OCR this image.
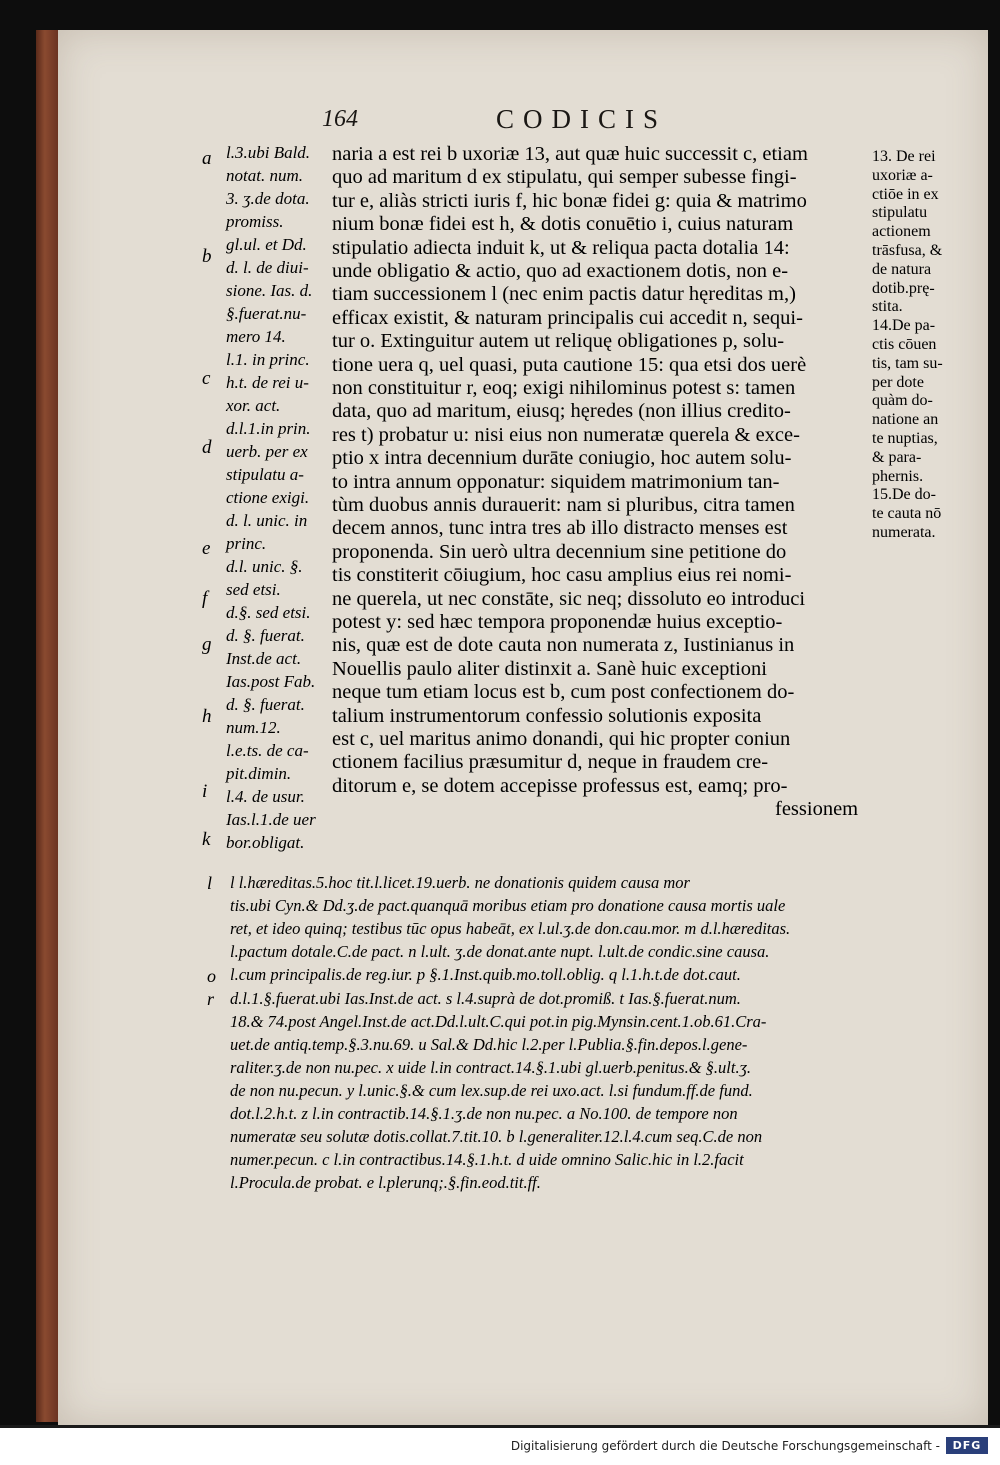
164	CODICIS
l.3.ubi Bald.
notat. num.
3. ʒ.de dota.
promiss.
gl.ul. et Dd.
d. l. de diui-
sione. Ias. d.
§.fuerat.nu-
mero 14.
l.1. in princ.
h.t. de rei u-
xor. act.
d.l.1.in prin.
uerb. per ex
stipulatu a-
ctione exigi.
d. l. unic. in
princ.
d.l. unic. §.
sed etsi.
d.§. sed etsi.
d. §. fuerat.
Inst.de act.
Ias.post Fab.
d. §. fuerat.
num.12.
l.e.ts. de ca-
pit.dimin.
l.4. de usur.
Ias.l.1.de uer
bor.obligat.
a
b
c
d
e
f
g
h
i
k
naria a est rei b uxoriæ 13, aut quæ huic successit c, etiam
quo ad maritum d ex stipulatu, qui semper subesse fingi-
tur e, aliàs stricti iuris f, hic bonæ fidei g: quia & matrimo
nium bonæ fidei est h, & dotis conuētio i, cuius naturam
stipulatio adiecta induit k, ut & reliqua pacta dotalia 14:
unde obligatio & actio, quo ad exactionem dotis, non e-
tiam successionem l (nec enim pactis datur hęreditas m,)
efficax existit, & naturam principalis cui accedit n, sequi-
tur o. Extinguitur autem ut reliquę obligationes p, solu-
tione uera q, uel quasi, puta cautione 15: qua etsi dos uerè
non constituitur r, eoq; exigi nihilominus potest s: tamen
data, quo ad maritum, eiusq; hęredes (non illius credito-
res t) probatur u: nisi eius non numeratæ querela & exce-
ptio x intra decennium durāte coniugio, hoc autem solu-
to intra annum opponatur: siquidem matrimonium tan-
tùm duobus annis durauerit: nam si pluribus, citra tamen
decem annos, tunc intra tres ab illo distracto menses est
proponenda. Sin uerò ultra decennium sine petitione do
tis constiterit cōiugium, hoc casu amplius eius rei nomi-
ne querela, ut nec constāte, sic neq; dissoluto eo introduci
potest y: sed hæc tempora proponendæ huius exceptio-
nis, quæ est de dote cauta non numerata z, Iustinianus in
Nouellis paulo aliter distinxit a. Sanè huic exceptioni
neque tum etiam locus est b, cum post confectionem do-
talium instrumentorum confessio solutionis exposita
est c, uel maritus animo donandi, qui hic propter coniun
ctionem facilius præsumitur d, neque in fraudem cre-
ditorum e, se dotem accepisse professus est, eamq; pro-
fessionem
13. De rei
uxoriæ a-
ctiōe in ex
stipulatu
actionem
trāsfusa, &
de natura
dotib.prę-
stita.
14.De pa-
ctis cōuen
tis, tam su-
per dote
quàm do-
natione an
te nuptias,
& para-
phernis.
15.De do-
te cauta nō
numerata.
l l.hæreditas.5.hoc tit.l.licet.19.uerb. ne donationis quidem causa mor
tis.ubi Cyn.& Dd.ʒ.de pact.quanquā moribus etiam pro donatione causa mortis uale
ret, et ideo quinq; testibus tūc opus habeāt, ex l.ul.ʒ.de don.cau.mor. m d.l.hæreditas.
l.pactum dotale.C.de pact. n l.ult. ʒ.de donat.ante nupt. l.ult.de condic.sine causa.
l.cum principalis.de reg.iur. p §.1.Inst.quib.mo.toll.oblig. q l.1.h.t.de dot.caut.
d.l.1.§.fuerat.ubi Ias.Inst.de act. s l.4.suprà de dot.promiß. t Ias.§.fuerat.num.
18.& 74.post Angel.Inst.de act.Dd.l.ult.C.qui pot.in pig.Mynsin.cent.1.ob.61.Cra-
uet.de antiq.temp.§.3.nu.69. u Sal.& Dd.hic l.2.per l.Publia.§.fin.depos.l.gene-
raliter.ʒ.de non nu.pec. x uide l.in contract.14.§.1.ubi gl.uerb.penitus.& §.ult.ʒ.
de non nu.pecun. y l.unic.§.& cum lex.sup.de rei uxo.act. l.si fundum.ff.de fund.
dot.l.2.h.t. z l.in contractib.14.§.1.ʒ.de non nu.pec. a No.100. de tempore non
numeratæ seu solutæ dotis.collat.7.tit.10. b l.generaliter.12.l.4.cum seq.C.de non
numer.pecun. c l.in contractibus.14.§.1.h.t. d uide omnino Salic.hic in l.2.facit
l.Procula.de probat. e l.plerunq;.§.fin.eod.tit.ff.
l
o
r
Digitalisierung gefördert durch die Deutsche Forschungsgemeinschaft -	DFG
